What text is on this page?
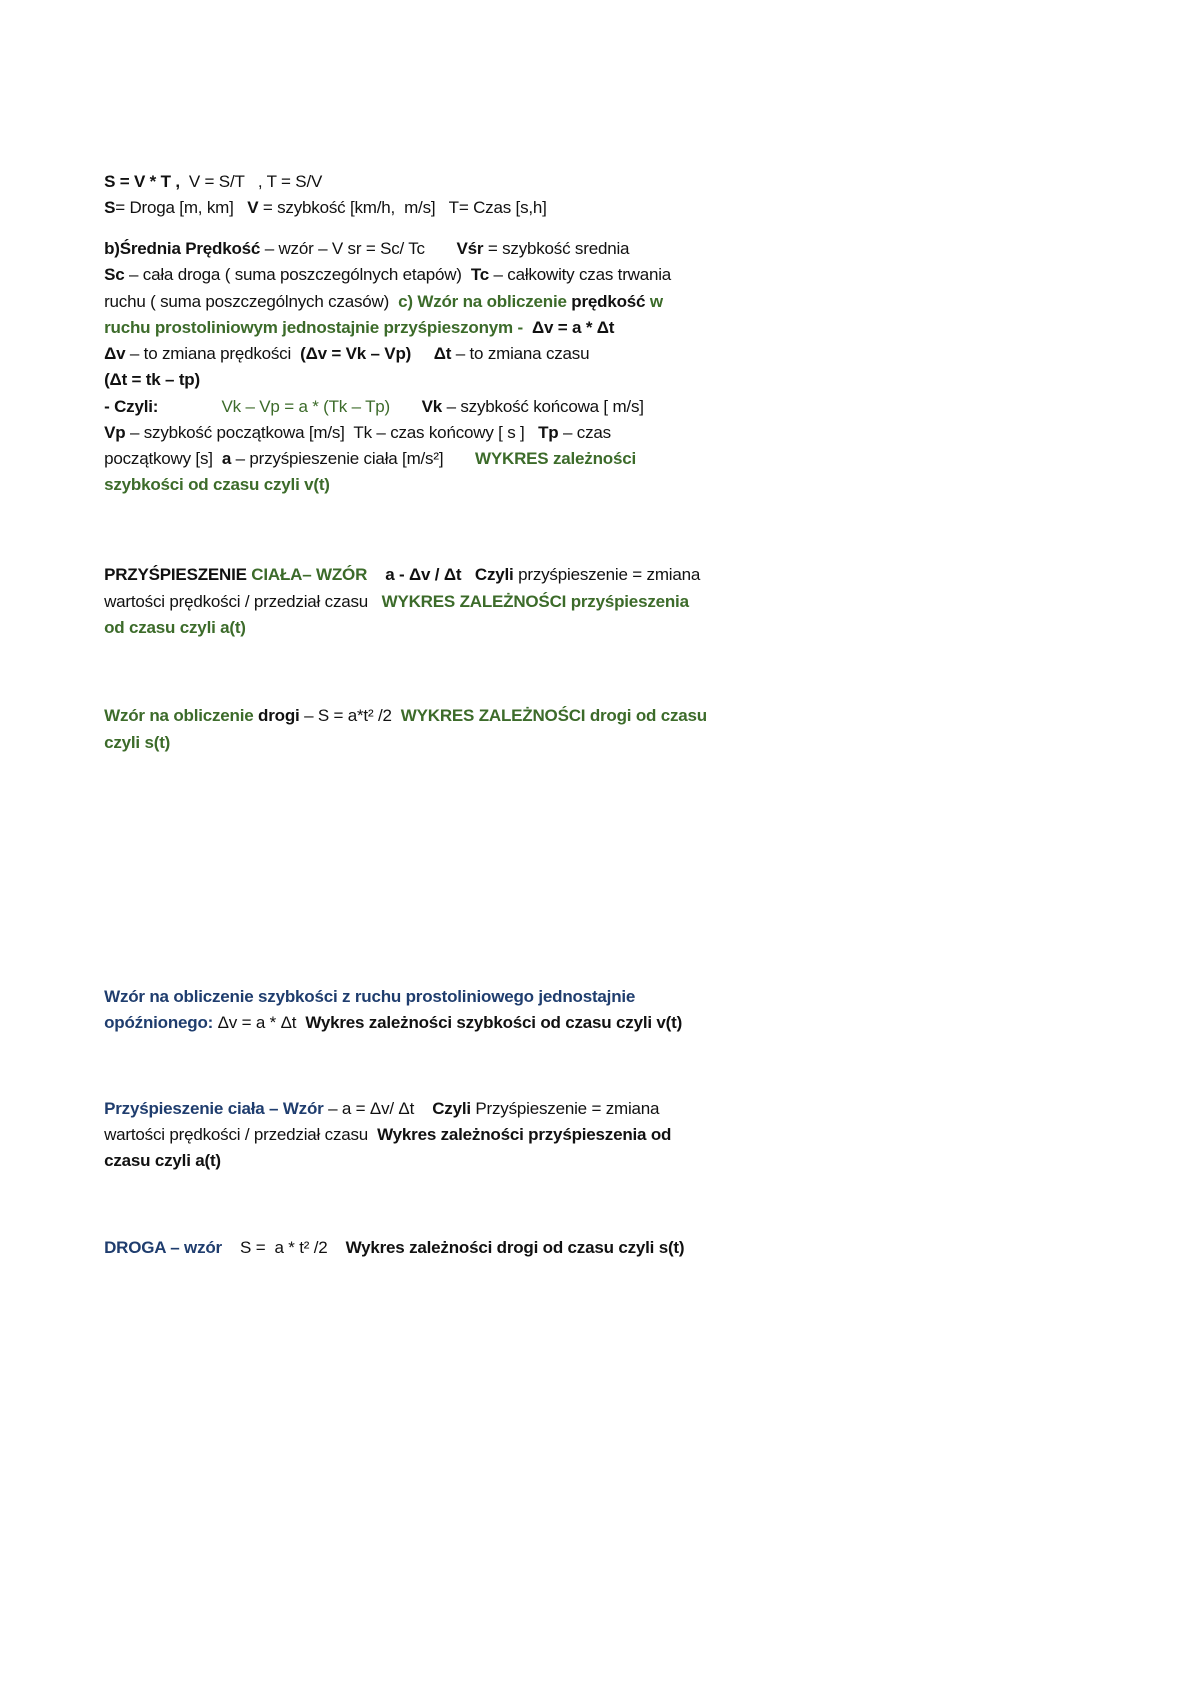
S = V * T ,  V = S/T   , T = S/V

S= Droga [m, km]   V = szybkość [km/h,  m/s]   T= Czas [s,h]

b)Średnia Prędkość – wzór – V sr = Sc/ Tc       Vśr = szybkość srednia

Sc – cała droga ( suma poszczególnych etapów)  Tc – całkowity czas trwania

ruchu ( suma poszczególnych czasów)  c) Wzór na obliczenie prędkość w

ruchu prostoliniowym jednostajnie przyśpieszonym -  Δv = a * Δt

Δv – to zmiana prędkości  (Δv = Vk – Vp)     Δt – to zmiana czasu

(Δt = tk – tp)

- Czyli:              Vk – Vp = a * (Tk – Tp)       Vk – szybkość końcowa [ m/s]

Vp – szybkość początkowa [m/s]  Tk – czas końcowy [ s ]   Tp – czas

początkowy [s]  a – przyśpieszenie ciała [m/s²]       WYKRES zależności

szybkości od czasu czyli v(t)

PRZYŚPIESZENIE CIAŁA– WZÓR    a - Δv / Δt   Czyli przyśpieszenie = zmiana

wartości prędkości / przedział czasu   WYKRES ZALEŻNOŚCI przyśpieszenia

od czasu czyli a(t)

Wzór na obliczenie drogi – S = a*t² /2  WYKRES ZALEŻNOŚCI drogi od czasu

czyli s(t)

Wzór na obliczenie szybkości z ruchu prostoliniowego jednostajnie

opóźnionego: Δv = a * Δt  Wykres zależności szybkości od czasu czyli v(t)

Przyśpieszenie ciała – Wzór – a = Δv/ Δt    Czyli Przyśpieszenie = zmiana

wartości prędkości / przedział czasu  Wykres zależności przyśpieszenia od

czasu czyli a(t)

DROGA – wzór    S =  a * t² /2    Wykres zależności drogi od czasu czyli s(t)
